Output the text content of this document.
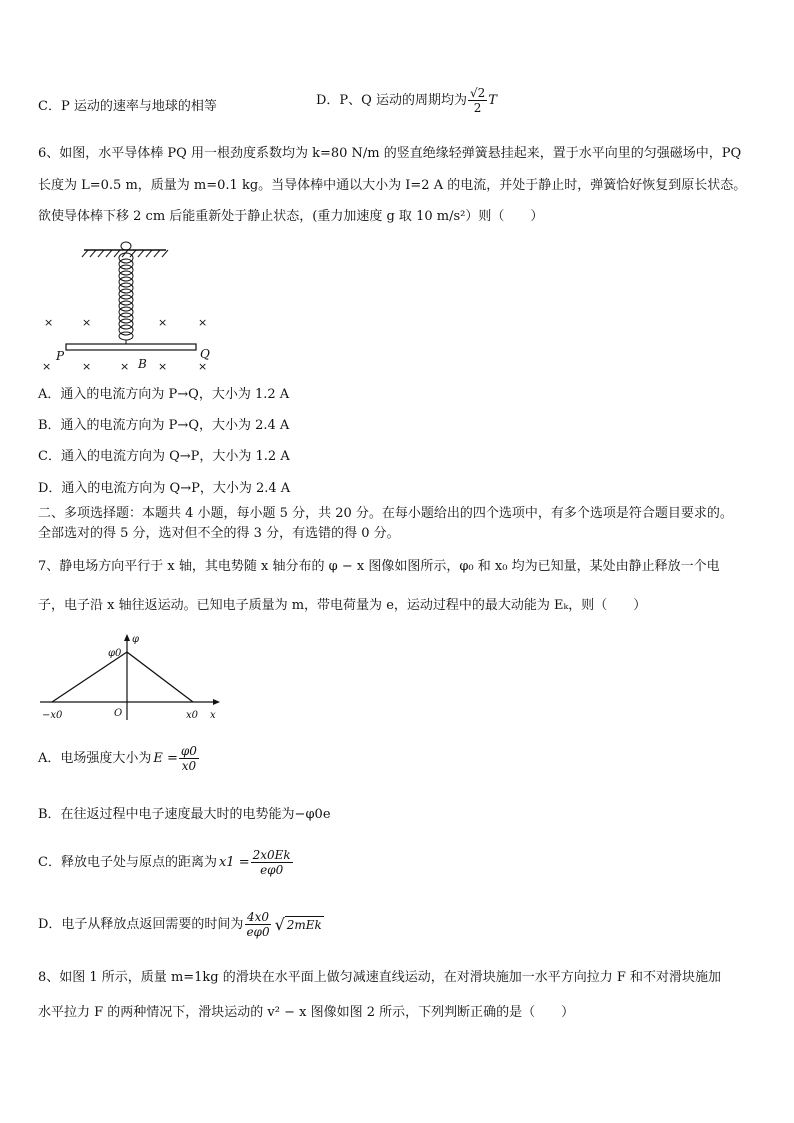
C．P 运动的速率与地球的相等	D．P、Q 运动的周期均为 $\frac{√2}{2}$ T
6、如图，水平导体棒 PQ 用一根劲度系数均为 k=80 N/m 的竖直绝缘轻弹簧悬挂起来，置于水平向里的匀强磁场中，PQ
长度为 L=0.5 m，质量为 m=0.1 kg。当导体棒中通以大小为 I=2 A 的电流，并处于静止时，弹簧恰好恢复到原长状态。
欲使导体棒下移 2 cm 后能重新处于静止状态，(重力加速度 g 取 10 m/s²）则（　　）
×	×	×	×
×	×	×	×	×
P	Q
B
A．通入的电流方向为 P→Q，大小为 1.2 A
B．通入的电流方向为 P→Q，大小为 2.4 A
C．通入的电流方向为 Q→P，大小为 1.2 A
D．通入的电流方向为 Q→P，大小为 2.4 A
二、多项选择题：本题共 4 小题，每小题 5 分，共 20 分。在每小题给出的四个选项中，有多个选项是符合题目要求的。
全部选对的得 5 分，选对但不全的得 3 分，有选错的得 0 分。
7、静电场方向平行于 x 轴，其电势随 x 轴分布的 φ − x 图像如图所示，φ₀ 和 x₀ 均为已知量，某处由静止释放一个电
子，电子沿 x 轴往返运动。已知电子质量为 m，带电荷量为 e，运动过程中的最大动能为 Eₖ，则（　　）
φ
φ0
−x0	O	x0 x
A．电场强度大小为 $E = \frac{\varphi 0}{x0}$
B．在往返过程中电子速度最大时的电势能为−φ0e
C．释放电子处与原点的距离为 $x1 = \frac{2x0Ek}{e\varphi 0}$
D．电子从释放点返回需要的时间为 $\frac{4x0}{e\varphi 0}$ √ 2mEk
8、如图 1 所示，质量 m=1kg 的滑块在水平面上做匀减速直线运动，在对滑块施加一水平方向拉力 F 和不对滑块施加
水平拉力 F 的两种情况下，滑块运动的 v² − x 图像如图 2 所示，下列判断正确的是（　　）
